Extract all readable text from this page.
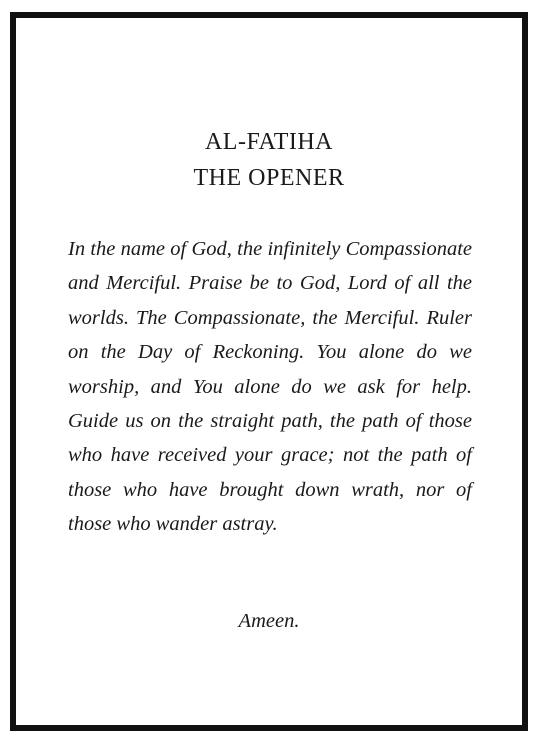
AL-FATIHA
THE OPENER

In the name of God, the infinitely Compassionate and Merciful. Praise be to God, Lord of all the worlds. The Compassionate, the Merciful. Ruler on the Day of Reckoning. You alone do we worship, and You alone do we ask for help. Guide us on the straight path, the path of those who have received your grace; not the path of those who have brought down wrath, nor of those who wander astray.

Ameen.
